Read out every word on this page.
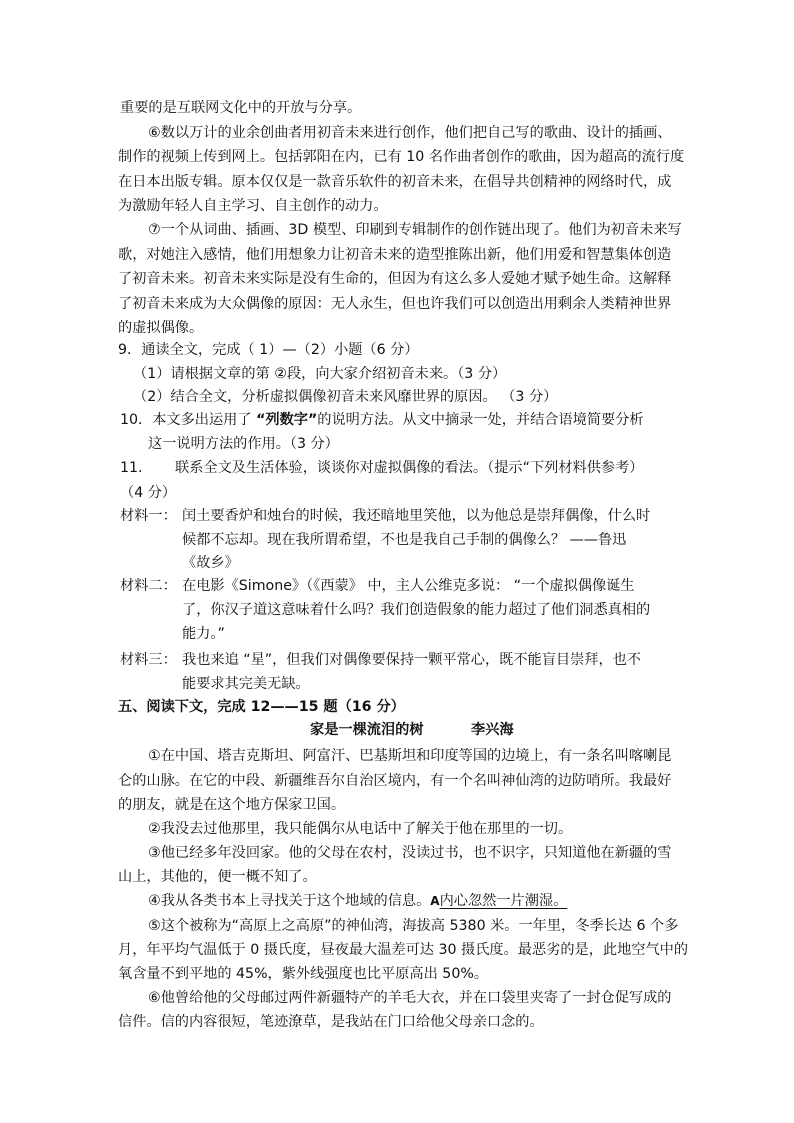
重要的是互联网文化中的开放与分享。
⑥数以万计的业余创曲者用初音未来进行创作，他们把自己写的歌曲、设计的插画、
制作的视频上传到网上。包括郭阳在内，已有 10 名作曲者创作的歌曲，因为超高的流行度
在日本出版专辑。原本仅仅是一款音乐软件的初音未来，在倡导共创精神的网络时代，成
为激励年轻人自主学习、自主创作的动力。
⑦一个从词曲、插画、3D 模型、印刷到专辑制作的创作链出现了。他们为初音未来写
歌，对她注入感情，他们用想象力让初音未来的造型推陈出新，他们用爱和智慧集体创造
了初音未来。初音未来实际是没有生命的，但因为有这么多人爱她才赋予她生命。这解释
了初音未来成为大众偶像的原因：无人永生，但也许我们可以创造出用剩余人类精神世界
的虚拟偶像。
9．通读全文，完成（ 1）—（2）小题（6 分）
（1）请根据文章的第 ②段，向大家介绍初音未来。（3 分）
（2）结合全文，分析虚拟偶像初音未来风靡世界的原因。 （3 分）
10．本文多出运用了 “列数字”的说明方法。从文中摘录一处，并结合语境简要分析
这一说明方法的作用。（3 分）
11. 联系全文及生活体验，谈谈你对虚拟偶像的看法。（提示“下列材料供参考）
（4 分）
材料一： 闰土要香炉和烛台的时候，我还暗地里笑他，以为他总是崇拜偶像，什么时
候都不忘却。现在我所谓希望，不也是我自己手制的偶像么？ ——鲁迅
《故乡》
材料二： 在电影《Simone》（《西蒙》 中，主人公维克多说： “一个虚拟偶像诞生
了，你汉子道这意味着什么吗？我们创造假象的能力超过了他们洞悉真相的
能力。”
材料三： 我也来追 “星”，但我们对偶像要保持一颗平常心，既不能盲目崇拜，也不
能要求其完美无缺。
五、阅读下文，完成 12——15 题（16 分）
家是一棵流泪的树	李兴海
①在中国、塔吉克斯坦、阿富汗、巴基斯坦和印度等国的边境上，有一条名叫喀喇昆
仑的山脉。在它的中段、新疆维吾尔自治区境内，有一个名叫神仙湾的边防哨所。我最好
的朋友，就是在这个地方保家卫国。
②我没去过他那里，我只能偶尔从电话中了解关于他在那里的一切。
③他已经多年没回家。他的父母在农村，没读过书，也不识字，只知道他在新疆的雪
山上，其他的，便一概不知了。
④我从各类书本上寻找关于这个地域的信息。A内心忽然一片潮湿。
⑤这个被称为“高原上之高原”的神仙湾，海拔高 5380 米。一年里，冬季长达 6 个多
月，年平均气温低于 0 摄氏度，昼夜最大温差可达 30 摄氏度。最恶劣的是，此地空气中的
氧含量不到平地的 45%，紫外线强度也比平原高出 50%。
⑥他曾给他的父母邮过两件新疆特产的羊毛大衣，并在口袋里夹寄了一封仓促写成的
信件。信的内容很短，笔迹潦草，是我站在门口给他父母亲口念的。
